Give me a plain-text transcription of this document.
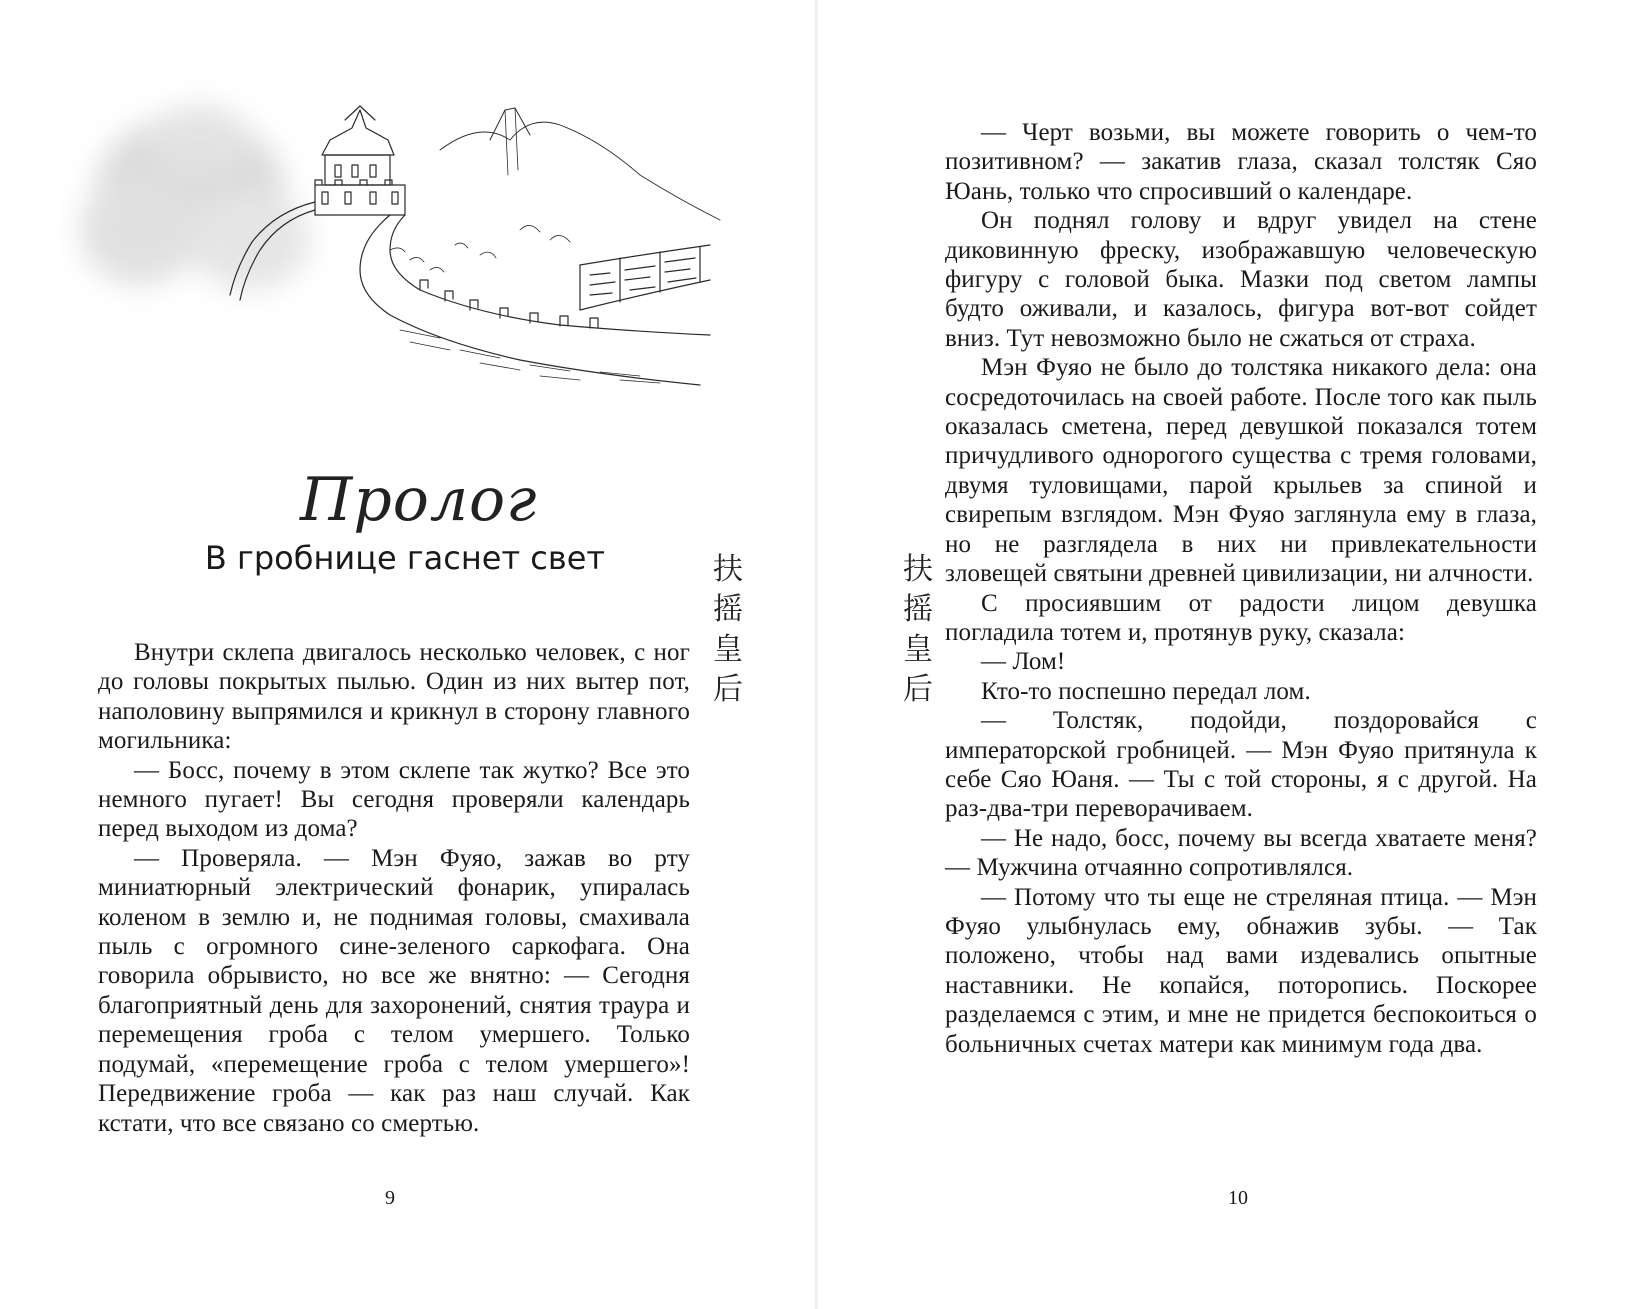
Пролог
В гробнице гаснет свет	扶摇皇后

Внутри склепа двигалось несколько человек, с ног до головы покрытых пылью. Один из них вытер пот, наполовину выпрямился и крикнул в сторону главного могильника:

— Босс, почему в этом склепе так жутко? Все это немного пугает! Вы сегодня проверяли календарь перед выходом из дома?

— Проверяла. — Мэн Фуяо, зажав во рту миниатюрный электрический фонарик, упиралась коленом в землю и, не поднимая головы, смахивала пыль с огромного сине-зеленого саркофага. Она говорила обрывисто, но все же внятно: — Сегодня благоприятный день для захоронений, снятия траура и перемещения гроба с телом умершего. Только подумай, «перемещение гроба с телом умершего»! Передвижение гроба — как раз наш случай. Как кстати, что все связано со смертью.

9
扶摇皇后

— Черт возьми, вы можете говорить о чем-то позитивном? — закатив глаза, сказал толстяк Сяо Юань, только что спросивший о календаре.

Он поднял голову и вдруг увидел на стене диковинную фреску, изображавшую человеческую фигуру с головой быка. Мазки под светом лампы будто оживали, и казалось, фигура вот-вот сойдет вниз. Тут невозможно было не сжаться от страха.

Мэн Фуяо не было до толстяка никакого дела: она сосредоточилась на своей работе. После того как пыль оказалась сметена, перед девушкой показался тотем причудливого однорогого существа с тремя головами, двумя туловищами, парой крыльев за спиной и свирепым взглядом. Мэн Фуяо заглянула ему в глаза, но не разглядела в них ни привлекательности зловещей святыни древней цивилизации, ни алчности.

С просиявшим от радости лицом девушка погладила тотем и, протянув руку, сказала:

— Лом!

Кто-то поспешно передал лом.

— Толстяк, подойди, поздоровайся с императорской гробницей. — Мэн Фуяо притянула к себе Сяо Юаня. — Ты с той стороны, я с другой. На раз-два-три переворачиваем.

— Не надо, босс, почему вы всегда хватаете меня? — Мужчина отчаянно сопротивлялся.

— Потому что ты еще не стреляная птица. — Мэн Фуяо улыбнулась ему, обнажив зубы. — Так положено, чтобы над вами издевались опытные наставники. Не копайся, поторопись. Поскорее разделаемся с этим, и мне не придется беспокоиться о больничных счетах матери как минимум года два.

10
